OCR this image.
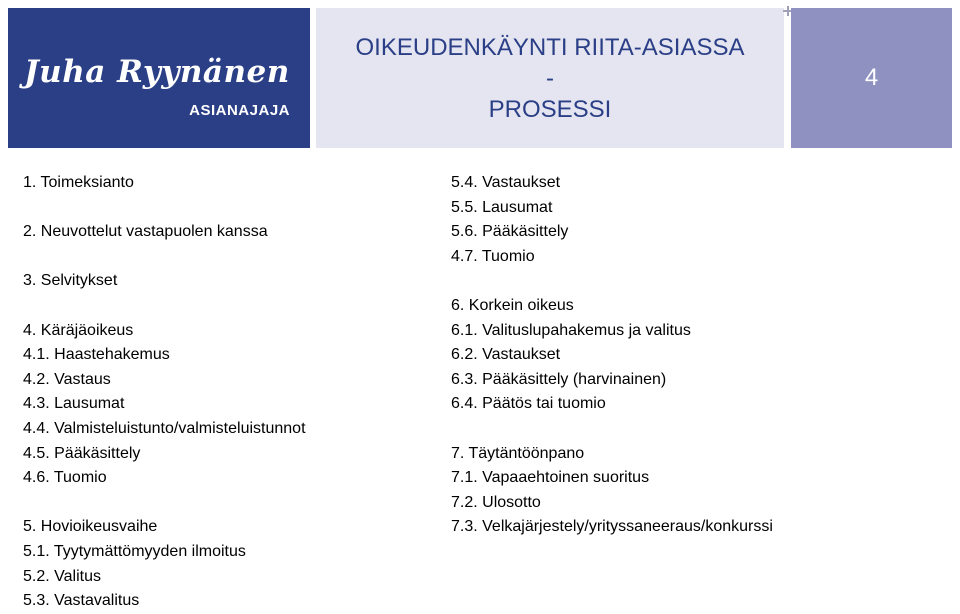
Juha Ryynänen
ASIANAJAJA
OIKEUDENKÄYNTI RIITA-ASIASSA
-
PROSESSI
4
1. Toimeksianto
2. Neuvottelut vastapuolen kanssa
3. Selvitykset
4. Käräjäoikeus
4.1. Haastehakemus
4.2. Vastaus
4.3. Lausumat
4.4. Valmisteluistunto/valmisteluistunnot
4.5. Pääkäsittely
4.6. Tuomio
5. Hovioikeusvaihe
5.1. Tyytymättömyyden ilmoitus
5.2. Valitus
5.3. Vastavalitus
5.4. Vastaukset
5.5. Lausumat
5.6. Pääkäsittely
4.7. Tuomio
6. Korkein oikeus
6.1. Valituslupahakemus ja valitus
6.2. Vastaukset
6.3. Pääkäsittely (harvinainen)
6.4. Päätös tai tuomio
7. Täytäntöönpano
7.1. Vapaaehtoinen suoritus
7.2. Ulosotto
7.3. Velkajärjestely/yrityssaneeraus/konkurssi
